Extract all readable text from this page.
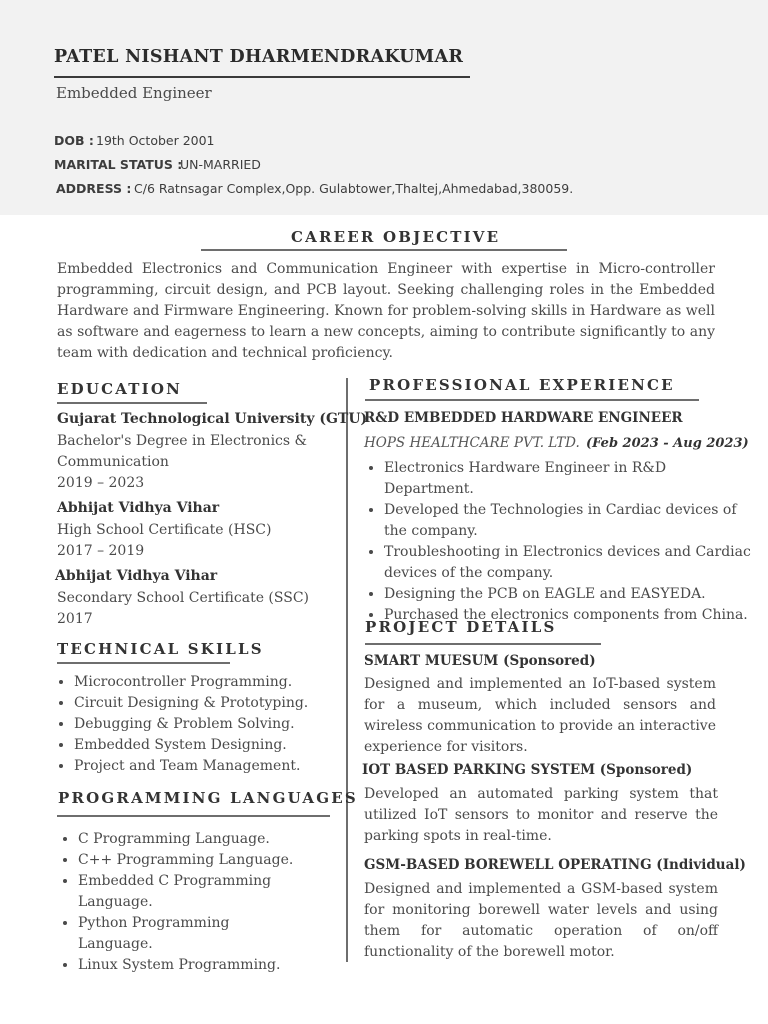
PATEL NISHANT DHARMENDRAKUMAR
Embedded Engineer
DOB : 19th October 2001
MARITAL STATUS :
UN-MARRIED
ADDRESS : C/6 Ratnsagar Complex,Opp. Gulabtower,Thaltej,Ahmedabad,380059.
CAREER OBJECTIVE
Embedded Electronics and Communication Engineer with expertise in Micro-controller programming, circuit design, and PCB layout. Seeking challenging roles in the Embedded Hardware and Firmware Engineering. Known for problem-solving skills in Hardware as well as software and eagerness to learn a new concepts, aiming to contribute significantly to any team with dedication and technical proficiency.
EDUCATION
Gujarat Technological University (GTU)
Bachelor's Degree in Electronics &
Communication
2019 – 2023
Abhijat Vidhya Vihar
High School Certificate (HSC)
2017 – 2019
Abhijat Vidhya Vihar
Secondary School Certificate (SSC)
2017
TECHNICAL SKILLS
• Microcontroller Programming.
• Circuit Designing & Prototyping.
• Debugging & Problem Solving.
• Embedded System Designing.
• Project and Team Management.
PROGRAMMING LANGUAGES
• C Programming Language.
• C++ Programming Language.
• Embedded C Programming Language.
• Python Programming Language.
• Linux System Programming.
PROFESSIONAL EXPERIENCE
R&D EMBEDDED HARDWARE ENGINEER
HOPS HEALTHCARE PVT. LTD. (Feb 2023 - Aug 2023)
• Electronics Hardware Engineer in R&D Department.
• Developed the Technologies in Cardiac devices of the company.
• Troubleshooting in Electronics devices and Cardiac devices of the company.
• Designing the PCB on EAGLE and EASYEDA.
• Purchased the electronics components from China.
PROJECT DETAILS
SMART MUESUM (Sponsored)
Designed and implemented an IoT-based system for a museum, which included sensors and wireless communication to provide an interactive experience for visitors.
IOT BASED PARKING SYSTEM (Sponsored)
Developed an automated parking system that utilized IoT sensors to monitor and reserve the parking spots in real-time.
GSM-BASED BOREWELL OPERATING (Individual)
Designed and implemented a GSM-based system for monitoring borewell water levels and using them for automatic operation of on/off functionality of the borewell motor.
